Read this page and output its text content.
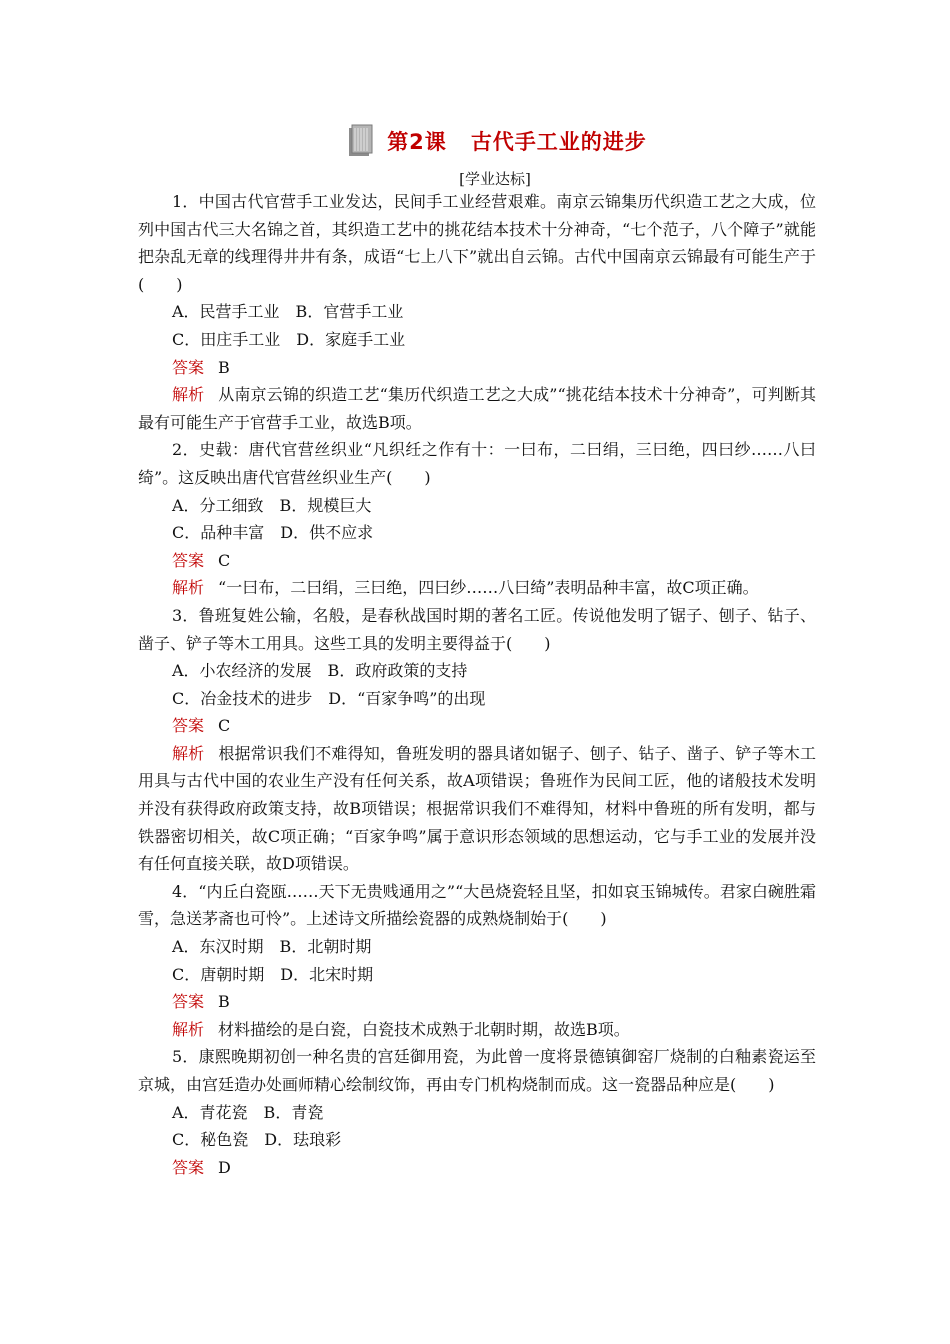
第2课 古代手工业的进步
[学业达标]
1．中国古代官营手工业发达，民间手工业经营艰难。南京云锦集历代织造工艺之大成，位列中国古代三大名锦之首，其织造工艺中的挑花结本技术十分神奇，“七个范子，八个障子”就能把杂乱无章的线理得井井有条，成语“七上八下”就出自云锦。古代中国南京云锦最有可能生产于(　　)
A．民营手工业　B．官营手工业
C．田庄手工业　D．家庭手工业
答案 B
解析 从南京云锦的织造工艺“集历代织造工艺之大成”“挑花结本技术十分神奇”，可判断其最有可能生产于官营手工业，故选B项。
2．史载：唐代官营丝织业“凡织纴之作有十：一曰布，二曰绢，三曰绝，四曰纱……八曰绮”。这反映出唐代官营丝织业生产(　　)
A．分工细致　B．规模巨大
C．品种丰富　D．供不应求
答案 C
解析 “一曰布，二曰绢，三曰绝，四曰纱……八曰绮”表明品种丰富，故C项正确。
3．鲁班复姓公输，名般，是春秋战国时期的著名工匠。传说他发明了锯子、刨子、钻子、凿子、铲子等木工用具。这些工具的发明主要得益于(　　)
A．小农经济的发展　B．政府政策的支持
C．冶金技术的进步　D．“百家争鸣”的出现
答案 C
解析 根据常识我们不难得知，鲁班发明的器具诸如锯子、刨子、钻子、凿子、铲子等木工用具与古代中国的农业生产没有任何关系，故A项错误；鲁班作为民间工匠，他的诸般技术发明并没有获得政府政策支持，故B项错误；根据常识我们不难得知，材料中鲁班的所有发明，都与铁器密切相关，故C项正确；“百家争鸣”属于意识形态领域的思想运动，它与手工业的发展并没有任何直接关联，故D项错误。
4．“内丘白瓷瓯……天下无贵贱通用之”“大邑烧瓷轻且坚，扣如哀玉锦城传。君家白碗胜霜雪，急送茅斋也可怜”。上述诗文所描绘瓷器的成熟烧制始于(　　)
A．东汉时期　B．北朝时期
C．唐朝时期　D．北宋时期
答案 B
解析 材料描绘的是白瓷，白瓷技术成熟于北朝时期，故选B项。
5．康熙晚期初创一种名贵的宫廷御用瓷，为此曾一度将景德镇御窑厂烧制的白釉素瓷运至京城，由宫廷造办处画师精心绘制纹饰，再由专门机构烧制而成。这一瓷器品种应是(　　)
A．青花瓷　B．青瓷
C．秘色瓷　D．珐琅彩
答案 D
